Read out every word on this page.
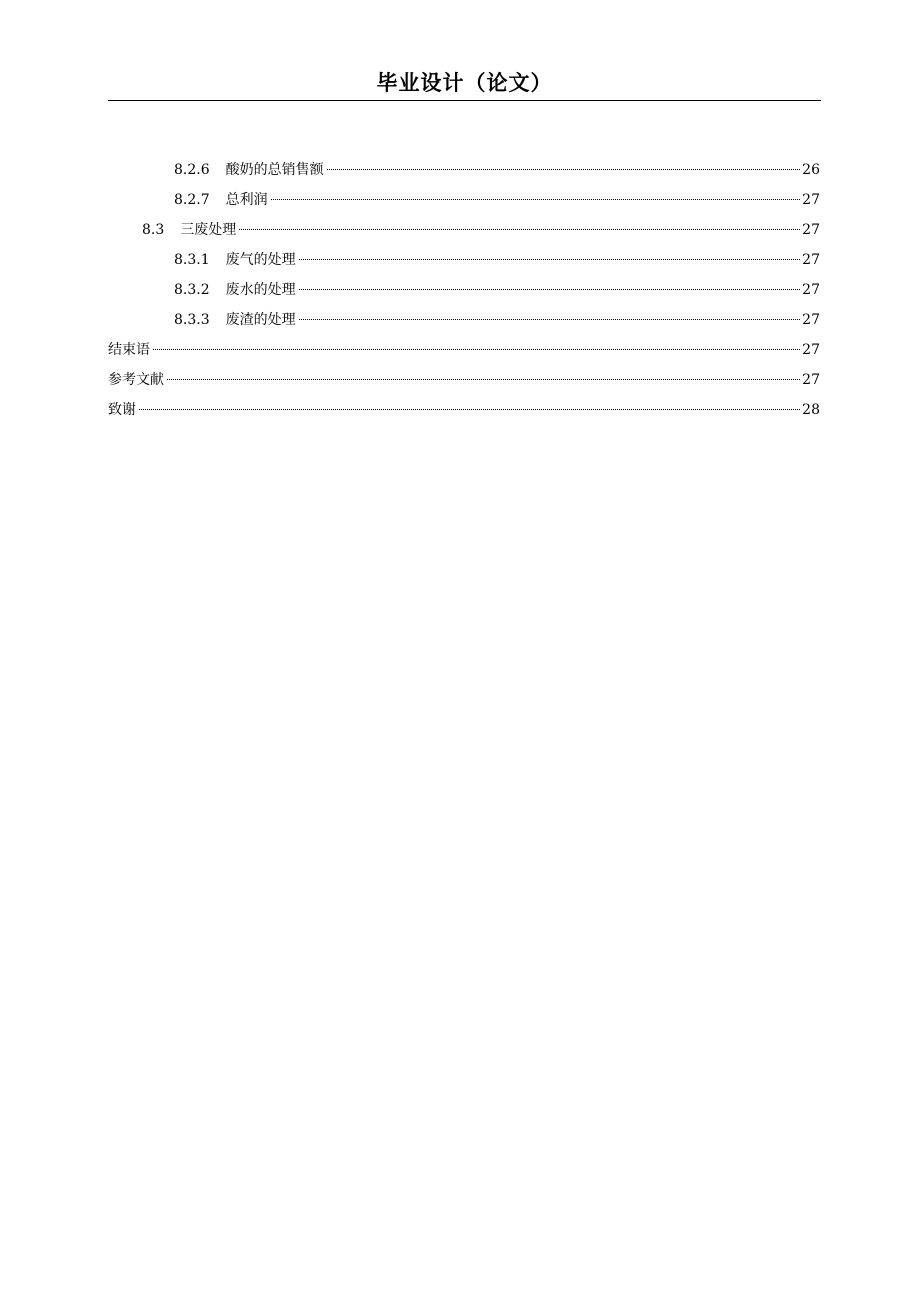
毕业设计（论文）
8.2.6 酸奶的总销售额	26
8.2.7 总利润	27
8.3 三废处理	27
8.3.1 废气的处理	27
8.3.2 废水的处理	27
8.3.3 废渣的处理	27
结束语	27
参考文献	27
致谢	28
